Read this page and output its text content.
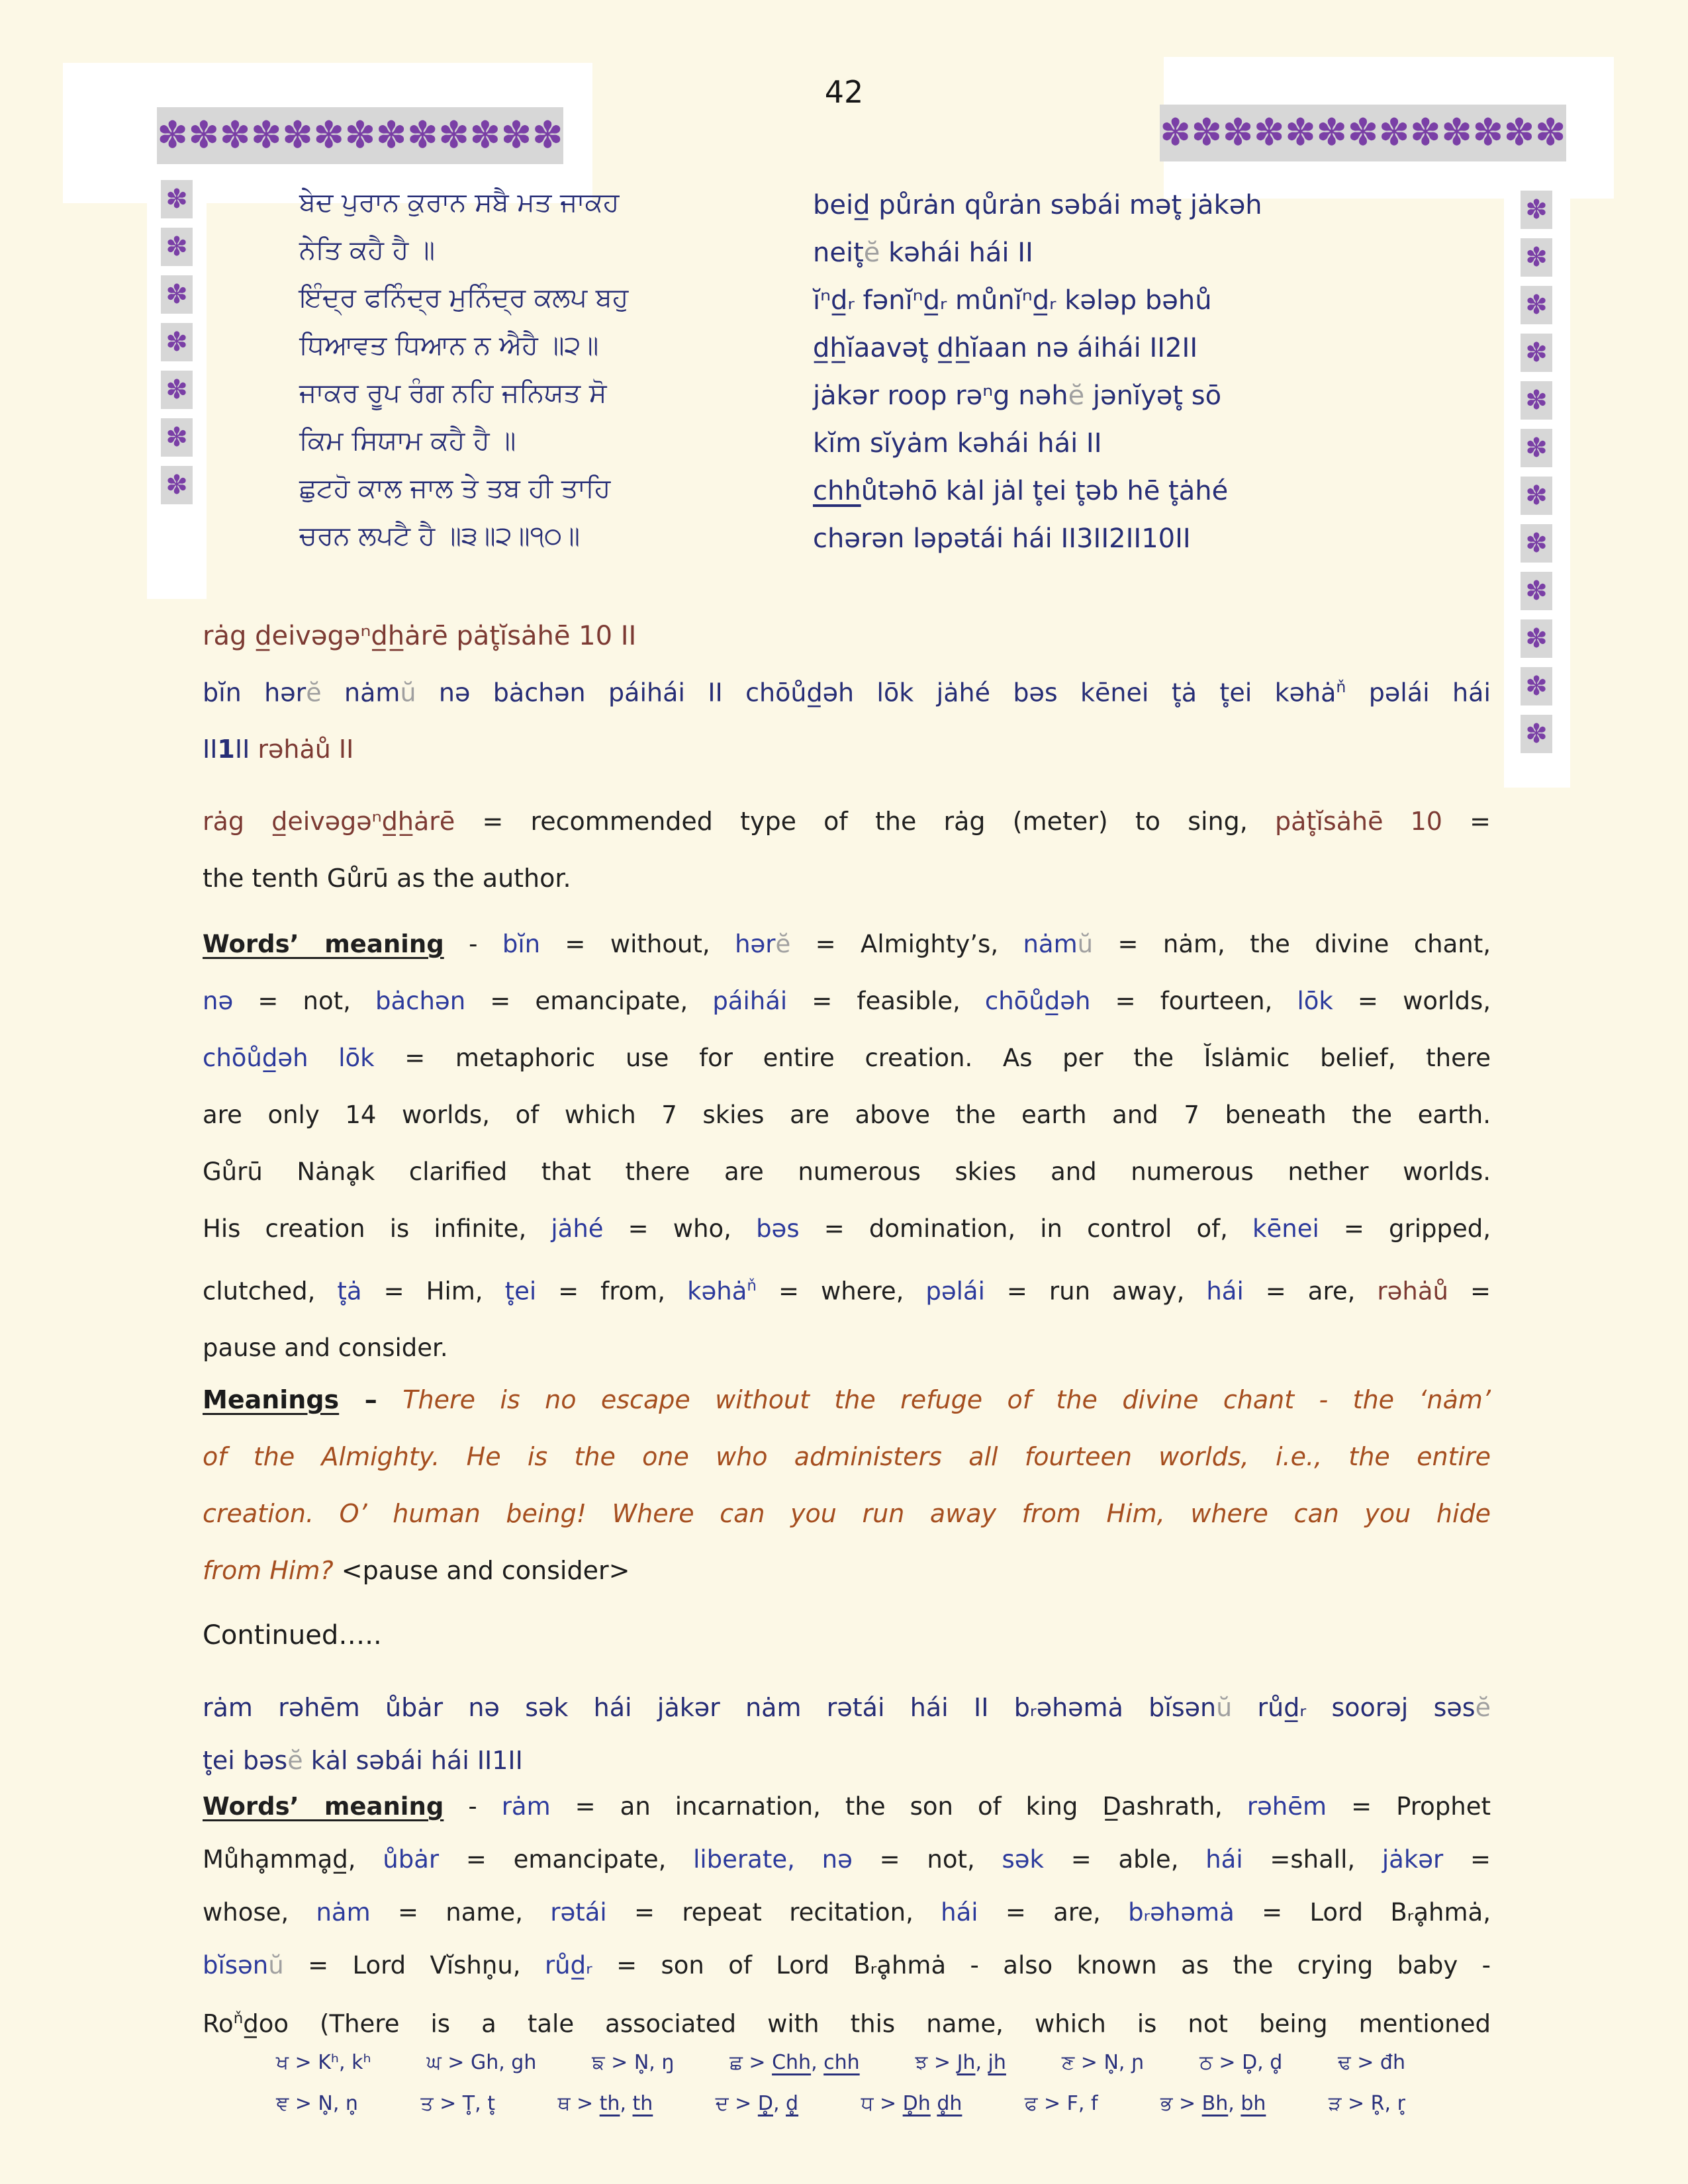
✽ ✽ ✽ ✽ ✽ ✽ ✽ ✽ ✽ ✽ ✽ ✽ ✽	✽ ✽ ✽ ✽ ✽ ✽ ✽ ✽ ✽ ✽ ✽ ✽ ✽
✽
✽
✽
✽
✽
✽
✽
✽
✽
✽
✽
✽
✽
✽
✽
✽
✽
✽
✽
42
ਬੇਦ ਪੁਰਾਨ ਕੁਰਾਨ ਸਬੈ ਮਤ ਜਾਕਹ
ਨੇਤਿ ਕਹੈ ਹੈ ॥
ਇੰਦ੍ਰ ਫਨਿੰਦ੍ਰ ਮੁਨਿੰਦ੍ਰ ਕਲਪ ਬਹੁ
ਧਿਆਵਤ ਧਿਆਨ ਨ ਐਹੈ ॥੨॥
ਜਾਕਰ ਰੂਪ ਰੰਗ ਨਹਿ ਜਨਿਯਤ ਸੋ
ਕਿਮ ਸਿਯਾਮ ਕਹੈ ਹੈ ॥
ਛੁਟਹੋ ਕਾਲ ਜਾਲ ਤੇ ਤਬ ਹੀ ਤਾਹਿ
ਚਰਨ ਲਪਟੈ ਹੈ ॥੩॥੨॥੧੦॥
beid̲ půrȧn qůrȧn səbái mət̥ jȧkəh
neit̥ĕ kəhái hái II
ĭⁿd̲ᵣ fənĭⁿd̲ᵣ můnĭⁿd̲ᵣ kələp bəhů
d̲h̲ĭaavət̥ d̲h̲ĭaan nə áihái II2II
jȧkər roop rəⁿg nəhĕ jənĭyət̥ sō
kĭm sĭyȧm kəhái hái II
chhůtəhō kȧl jȧl t̥ei t̥əb hē t̥ȧhé
chərən ləpətái hái II3II2II10II
rȧg d̲eivəgəⁿd̲h̲ȧrē pȧt̥ĭsȧhē 10 II
bĭn hərĕ nȧmŭ nə bȧchən páihái II chōůd̲əh lōk jȧhé bəs kēnei t̥ȧ t̥ei kəhȧ$^ň$ pəlái hái
II1II rəhȧů II
rȧg d̲eivəgəⁿd̲h̲ȧrē = recommended type of the rȧg (meter) to sing, pȧt̥ĭsȧhē 10 =
the tenth Gůrū as the author.
Words’ meaning - bĭn = without, hərĕ = Almighty’s, nȧmŭ = nȧm, the divine chant,
nə = not, bȧchən = emancipate, páihái = feasible, chōůd̲əh = fourteen, lōk = worlds,
chōůd̲əh lōk = metaphoric use for entire creation. As per the Ĭslȧmic belief, there
are only 14 worlds, of which 7 skies are above the earth and 7 beneath the earth.
Gůrū Nȧnḁk clarified that there are numerous skies and numerous nether worlds.
His creation is infinite, jȧhé = who, bəs = domination, in control of, kēnei = gripped,
clutched, t̥ȧ = Him, t̥ei = from, kəhȧ$^ň$ = where, pəlái = run away, hái = are, rəhȧů =
pause and consider.
Meanings – There is no escape without the refuge of the divine chant - the ‘nȧm’
of the Almighty. He is the one who administers all fourteen worlds, i.e., the entire
creation. O’ human being! Where can you run away from Him, where can you hide
from Him? <pause and consider>
Continued…..
rȧm rəhēm ůbȧr nə sək hái jȧkər nȧm rətái hái II bᵣəhəmȧ bĭsənŭ růd̲ᵣ soorəj səsĕ
t̥ei bəsĕ kȧl səbái hái II1II
Words’ meaning - rȧm = an incarnation, the son of king D̲ashrath, rəhēm = Prophet
Můhḁmmḁd̲, ůbȧr = emancipate, liberate, nə = not, sək = able, hái =shall, jȧkər =
whose, nȧm = name, rətái = repeat recitation, hái = are, bᵣəhəmȧ = Lord Bᵣḁhmȧ,
bĭsənŭ = Lord Vĭshn̥u, růd̲ᵣ = son of Lord Bᵣḁhmȧ - also known as the crying baby -
$Ro^ňd̲oo$ (There is a tale associated with this name, which is not being mentioned
ਖ > Kʰ, kʰ	ਘ > Gh, gh	ਙ > N̥, ŋ	ਛ > Chh, chh	ਝ > Jh, jh	ਣ > N̥, ɲ	ਠ > D̥, d̥	ਢ > đh
ਞ > N̥, n̥	ਤ > T̥, t̥	ਥ > th, th	ਦ > D̥, d̥	ਧ > D̥h d̥h	ਫ > F, f	ਭ > Bh, bh	ੜ > R̥, r̥
